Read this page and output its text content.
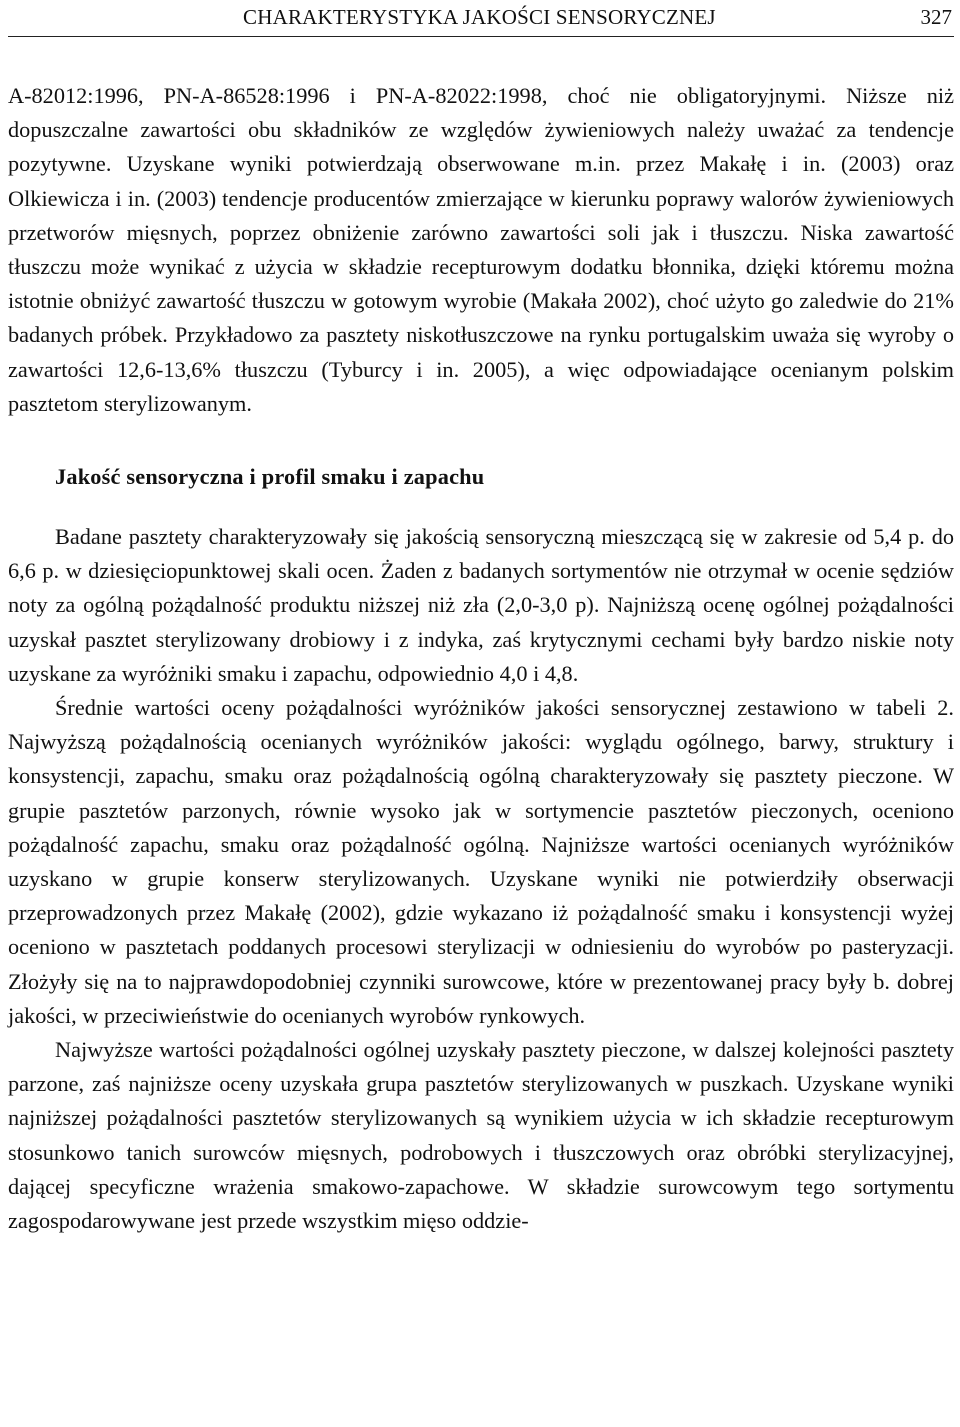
CHARAKTERYSTYKA JAKOŚCI SENSORYCZNEJ	327

A-82012:1996, PN-A-86528:1996 i PN-A-82022:1998, choć nie obligatoryjnymi. Niższe niż dopuszczalne zawartości obu składników ze względów żywieniowych należy uważać za tendencje pozytywne. Uzyskane wyniki potwierdzają obserwowane m.in. przez Makałę i in. (2003) oraz Olkiewicza i in. (2003) tendencje producentów zmierzające w kierunku poprawy walorów żywieniowych przetworów mięsnych, poprzez obniżenie zarówno zawartości soli jak i tłuszczu. Niska zawartość tłuszczu może wynikać z użycia w składzie recepturowym dodatku błonnika, dzięki któremu można istotnie obniżyć zawartość tłuszczu w gotowym wyrobie (Makała 2002), choć użyto go zaledwie do 21% badanych próbek. Przykładowo za pasztety niskotłuszczowe na rynku portugalskim uważa się wyroby o zawartości 12,6-13,6% tłuszczu (Tyburcy i in. 2005), a więc odpowiadające ocenianym polskim pasztetom sterylizowanym.

Jakość sensoryczna i profil smaku i zapachu

Badane pasztety charakteryzowały się jakością sensoryczną mieszczącą się w zakresie od 5,4 p. do 6,6 p. w dziesięciopunktowej skali ocen. Żaden z badanych sortymentów nie otrzymał w ocenie sędziów noty za ogólną pożądalność produktu niższej niż zła (2,0-3,0 p). Najniższą ocenę ogólnej pożądalności uzyskał pasztet sterylizowany drobiowy i z indyka, zaś krytycznymi cechami były bardzo niskie noty uzyskane za wyróżniki smaku i zapachu, odpowiednio 4,0 i 4,8.

Średnie wartości oceny pożądalności wyróżników jakości sensorycznej zestawiono w tabeli 2. Najwyższą pożądalnością ocenianych wyróżników jakości: wyglądu ogólnego, barwy, struktury i konsystencji, zapachu, smaku oraz pożądalnością ogólną charakteryzowały się pasztety pieczone. W grupie pasztetów parzonych, równie wysoko jak w sortymencie pasztetów pieczonych, oceniono pożądalność zapachu, smaku oraz pożądalność ogólną. Najniższe wartości ocenianych wyróżników uzyskano w grupie konserw sterylizowanych. Uzyskane wyniki nie potwierdziły obserwacji przeprowadzonych przez Makałę (2002), gdzie wykazano iż pożądalność smaku i konsystencji wyżej oceniono w pasztetach poddanych procesowi sterylizacji w odniesieniu do wyrobów po pasteryzacji. Złożyły się na to najprawdopodobniej czynniki surowcowe, które w prezentowanej pracy były b. dobrej jakości, w przeciwieństwie do ocenianych wyrobów rynkowych.

Najwyższe wartości pożądalności ogólnej uzyskały pasztety pieczone, w dalszej kolejności pasztety parzone, zaś najniższe oceny uzyskała grupa pasztetów sterylizowanych w puszkach. Uzyskane wyniki najniższej pożądalności pasztetów sterylizowanych są wynikiem użycia w ich składzie recepturowym stosunkowo tanich surowców mięsnych, podrobowych i tłuszczowych oraz obróbki sterylizacyjnej, dającej specyficzne wrażenia smakowo-zapachowe. W składzie surowcowym tego sortymentu zagospodarowywane jest przede wszystkim mięso oddzie-
